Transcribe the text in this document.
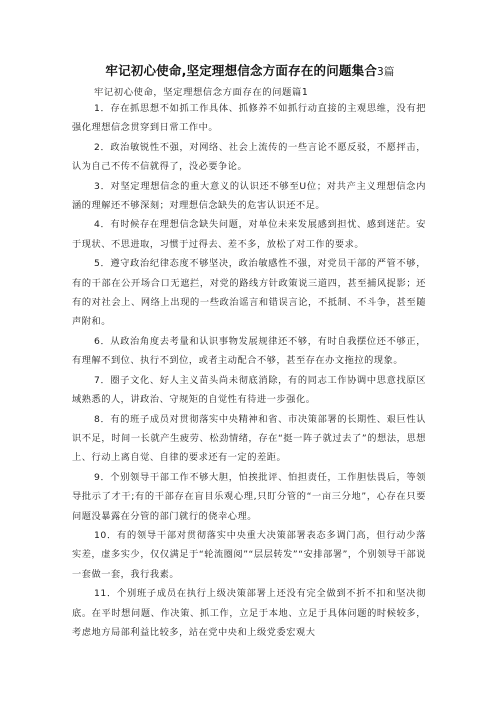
牢记初心使命,坚定理想信念方面存在的问题集合3篇
牢记初心使命，坚定理想信念方面存在的问题篇1

1．存在抓思想不如抓工作具体、抓修养不如抓行动直接的主观思维，没有把强化理想信念贯穿到日常工作中。

2．政治敏锐性不强，对网络、社会上流传的一些言论不愿反驳，不愿抨击，认为自己不传不信就得了，没必要争论。

3．对坚定理想信念的重大意义的认识还不够至U位；对共产主义理想信念内涵的理解还不够深刻；对理想信念缺失的危害认识还不足。

4．有时候存在理想信念缺失问题，对单位未来发展感到担忧、感到迷茫。安于现状、不思进取，习惯于过得去、差不多，放松了对工作的要求。

5．遵守政治纪律态度不够坚决，政治敏感性不强，对党员干部的严管不够，有的干部在公开场合口无遮拦，对党的路线方针政策说三道四，甚至捕风捉影；还有的对社会上、网络上出现的一些政治谣言和错误言论，不抵制、不斗争，甚至随声附和。

6．从政治角度去考量和认识事物发展规律还不够，有时自我摆位还不够正，有理解不到位、执行不到位，或者主动配合不够，甚至存在办文拖拉的现象。

7．圈子文化、好人主义苗头尚未彻底消除，有的同志工作协调中思意找原区域熟悉的人，讲政治、守规矩的自觉性有待进一步强化。

8．有的班子成员对贯彻落实中央精神和省、市决策部署的长期性、艰巨性认识不足，时间一长就产生疲劳、松劲情绪，存在“挺一阵子就过去了”的想法，思想上、行动上离自觉、自律的要求还有一定的差距。

9．个别领导干部工作不够大胆，怕挨批评、怕担责任，工作胆怯畏后，等领导批示了才干;有的干部存在盲目乐观心理,只盯分管的“一亩三分地”，心存在只要问题没暴露在分管的部门就行的侥幸心理。

10．有的领导干部对贯彻落实中央重大决策部署表态多调门高，但行动少落实差，虚多实少，仅仅满足于“轮流圈阅”“层层转发”“安排部署”，个别领导干部说一套做一套，我行我素。

11．个别班子成员在执行上级决策部署上还没有完全做到不折不扣和坚决彻底。在平时想问题、作决策、抓工作，立足于本地、立足于具体问题的时候较多，考虑地方局部利益比较多，站在党中央和上级党委宏观大
